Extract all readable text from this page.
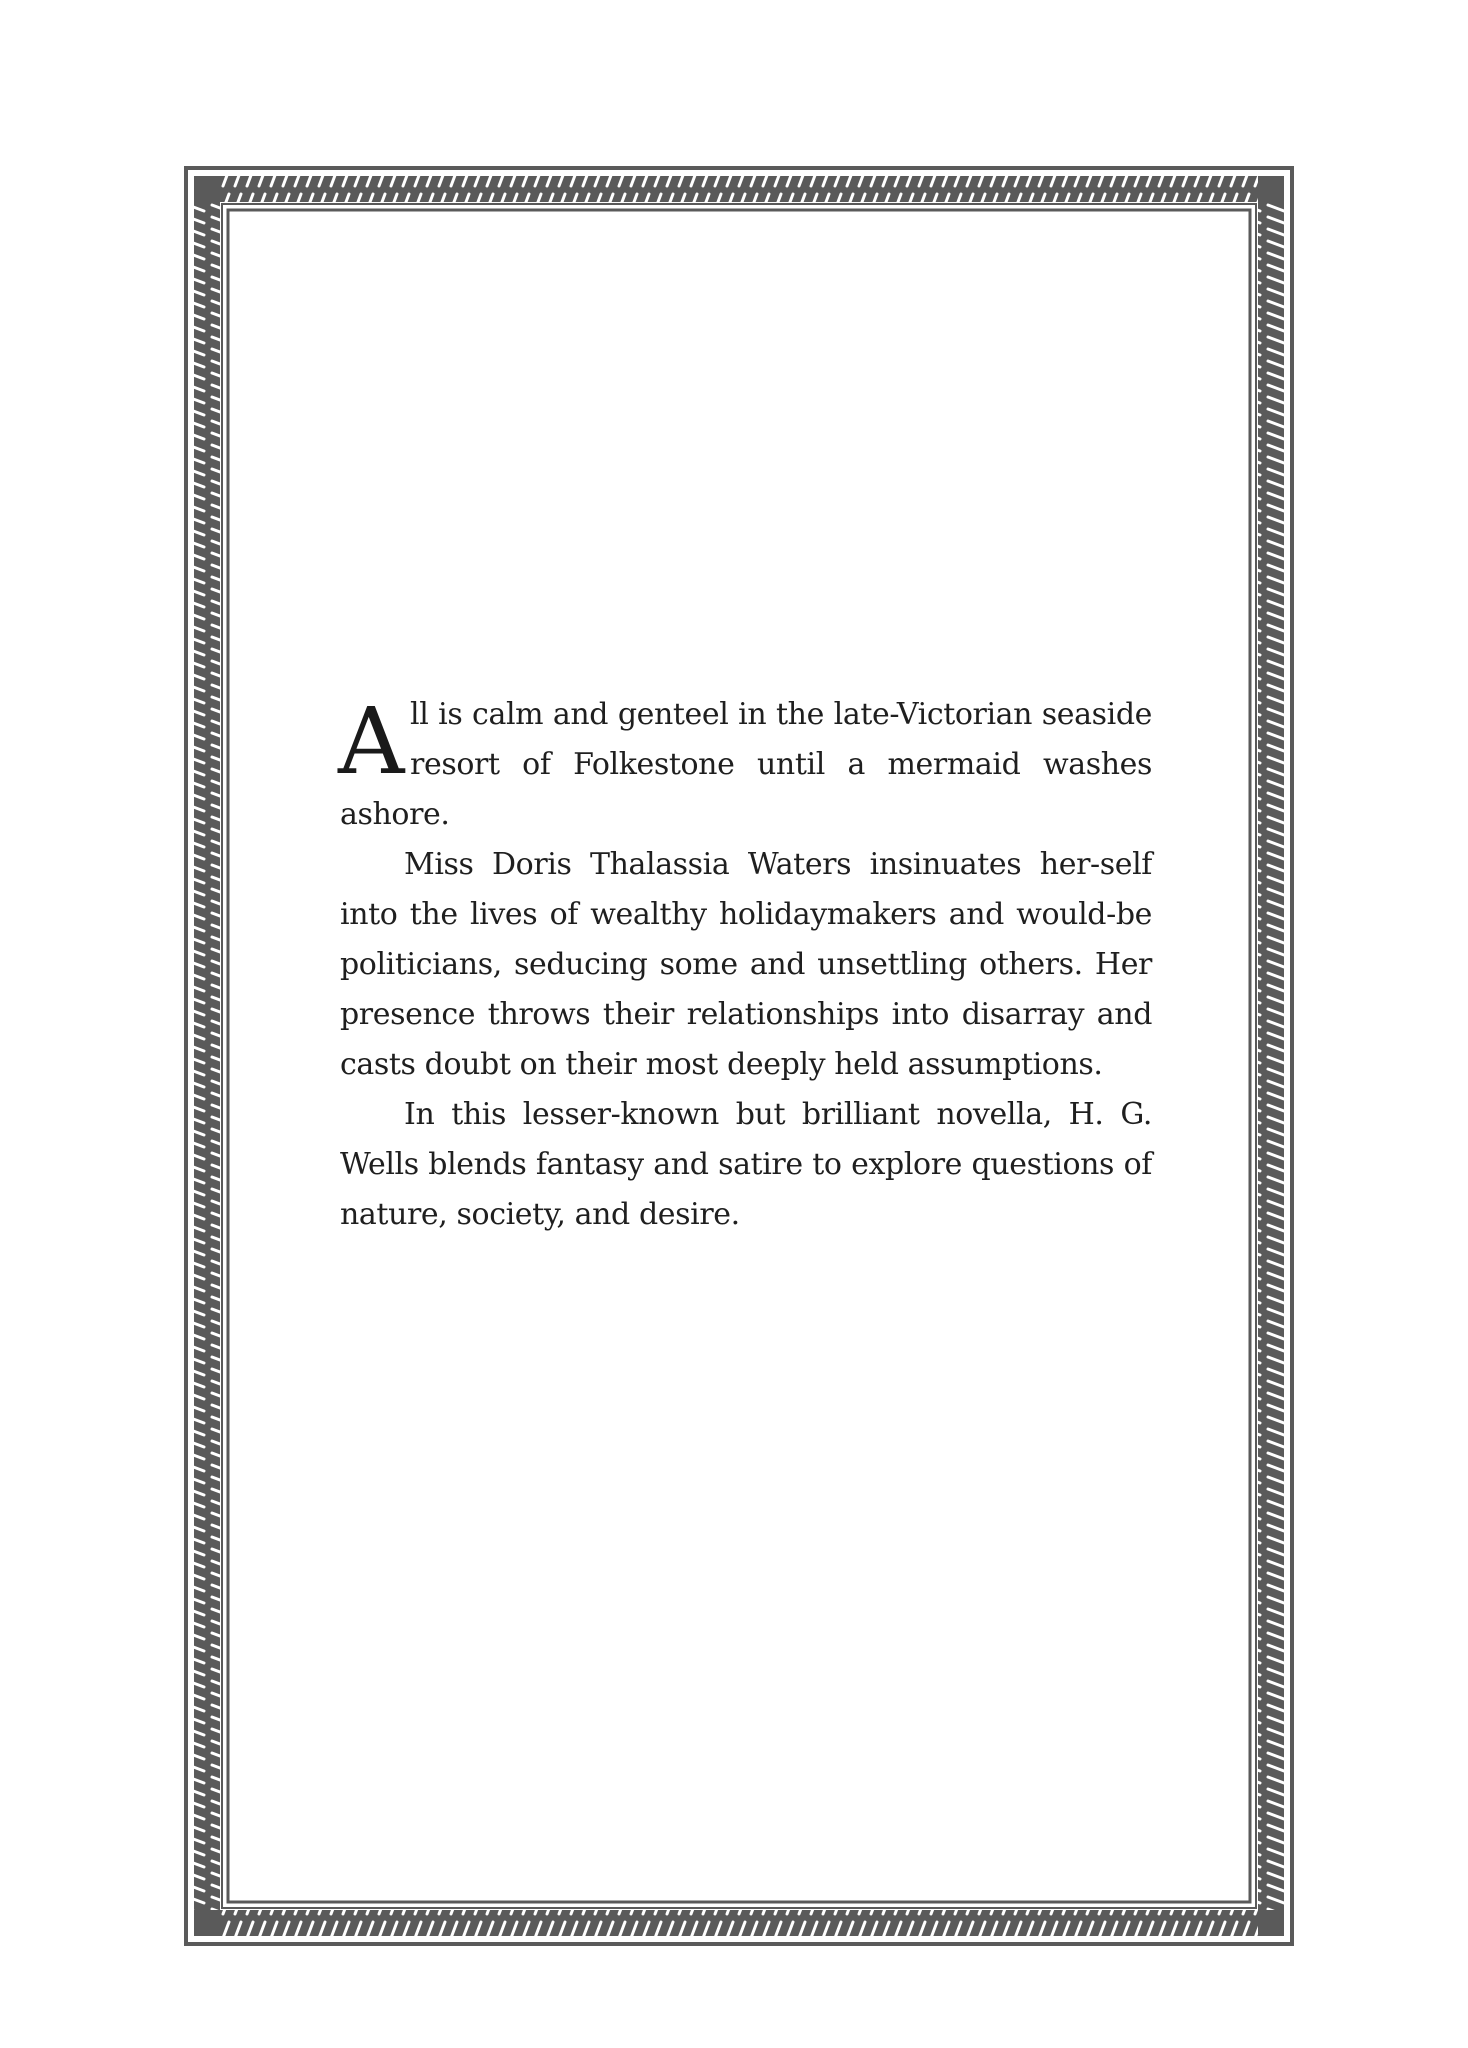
All is calm and genteel in the late-Victorian seaside resort of Folkestone until a mermaid washes ashore.

Miss Doris Thalassia Waters insinuates her-self into the lives of wealthy holidaymakers and would-be politicians, seducing some and unsettling others. Her presence throws their relationships into disarray and casts doubt on their most deeply held assumptions.

In this lesser-known but brilliant novella, H. G. Wells blends fantasy and satire to explore questions of nature, society, and desire.
